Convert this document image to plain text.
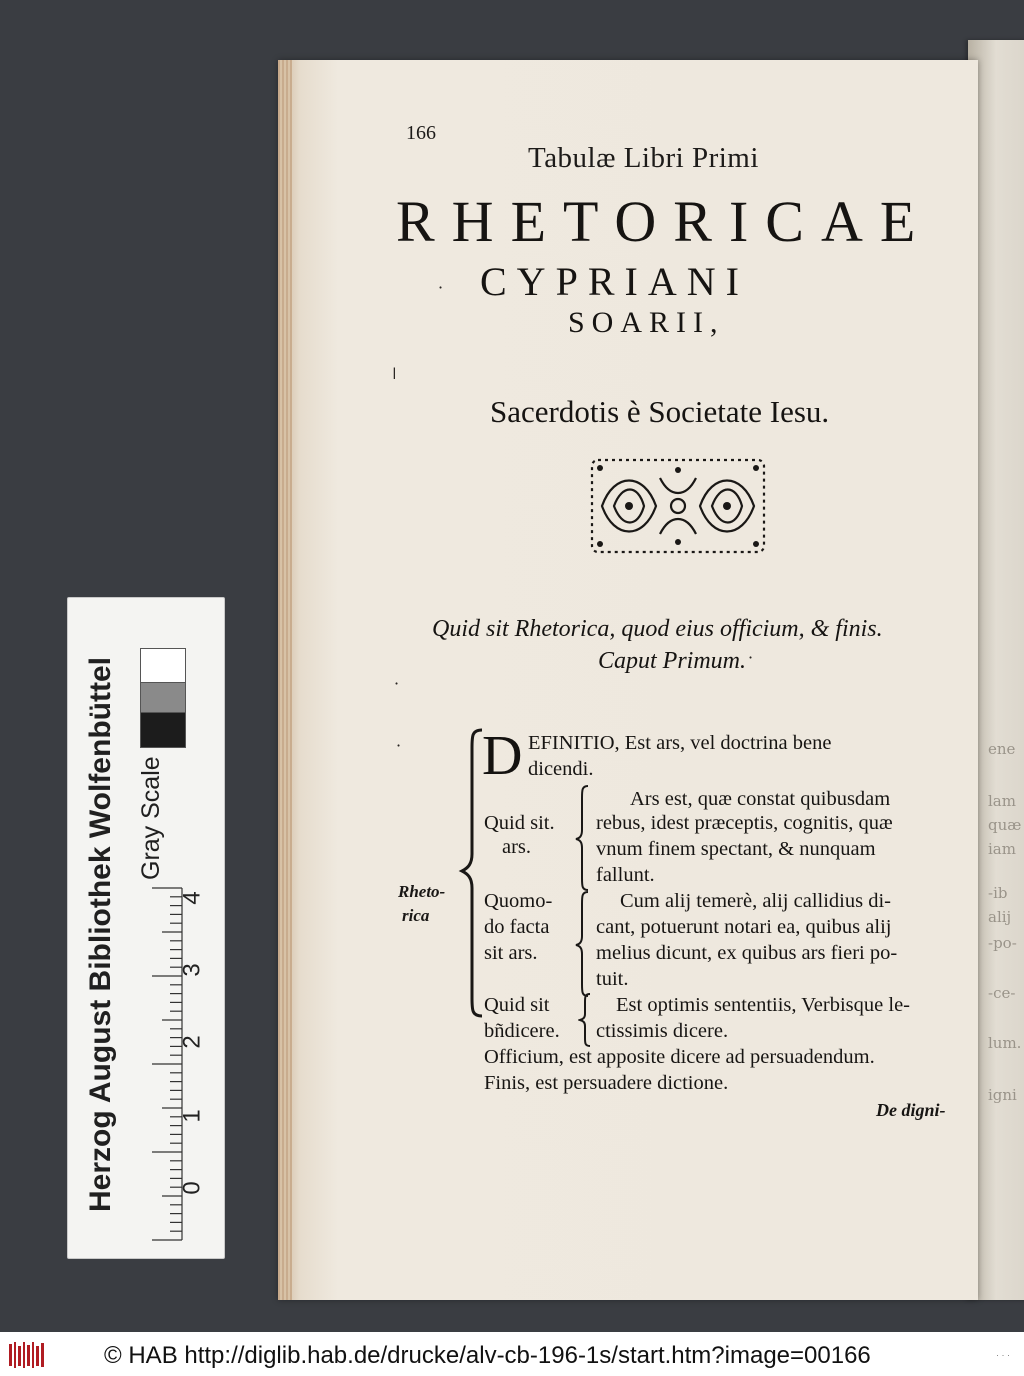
ene
lam
quæ
iam
-ib
alij
-po-
-ce-
lum.
igni
166
Tabulæ Libri Primi
RHETORICAE
CYPRIANI
SOARII,
Sacerdotis è Societate Iesu.
·
ǀ
·
·
·
Quid sit Rhetorica, quod eius officium, & finis.
Caput Primum.
Rheto-
rica
D EFINITIO, Est ars, vel doctrina bene
dicendi.
Quid sit.
ars.
Ars est, quæ constat quibusdam
rebus, idest præceptis, cognitis, quæ
vnum finem spectant, & nunquam
fallunt.
Quomo-
do facta
sit ars.
Cum alij temerè, alij callidius di-
cant, potuerunt notari ea, quibus alij
melius dicunt, ex quibus ars fieri po-
tuit.
Quid sit
bñdicere.
Est optimis sententiis, Verbisque le-
ctissimis dicere.
Officium, est apposite dicere ad persuadendum.
Finis, est persuadere dictione.
De digni-
Herzog August Bibliothek Wolfenbüttel Gray Scale
0
1
2
3
4
© HAB http://diglib.hab.de/drucke/alv-cb-196-1s/start.htm?image=00166	· · ·
